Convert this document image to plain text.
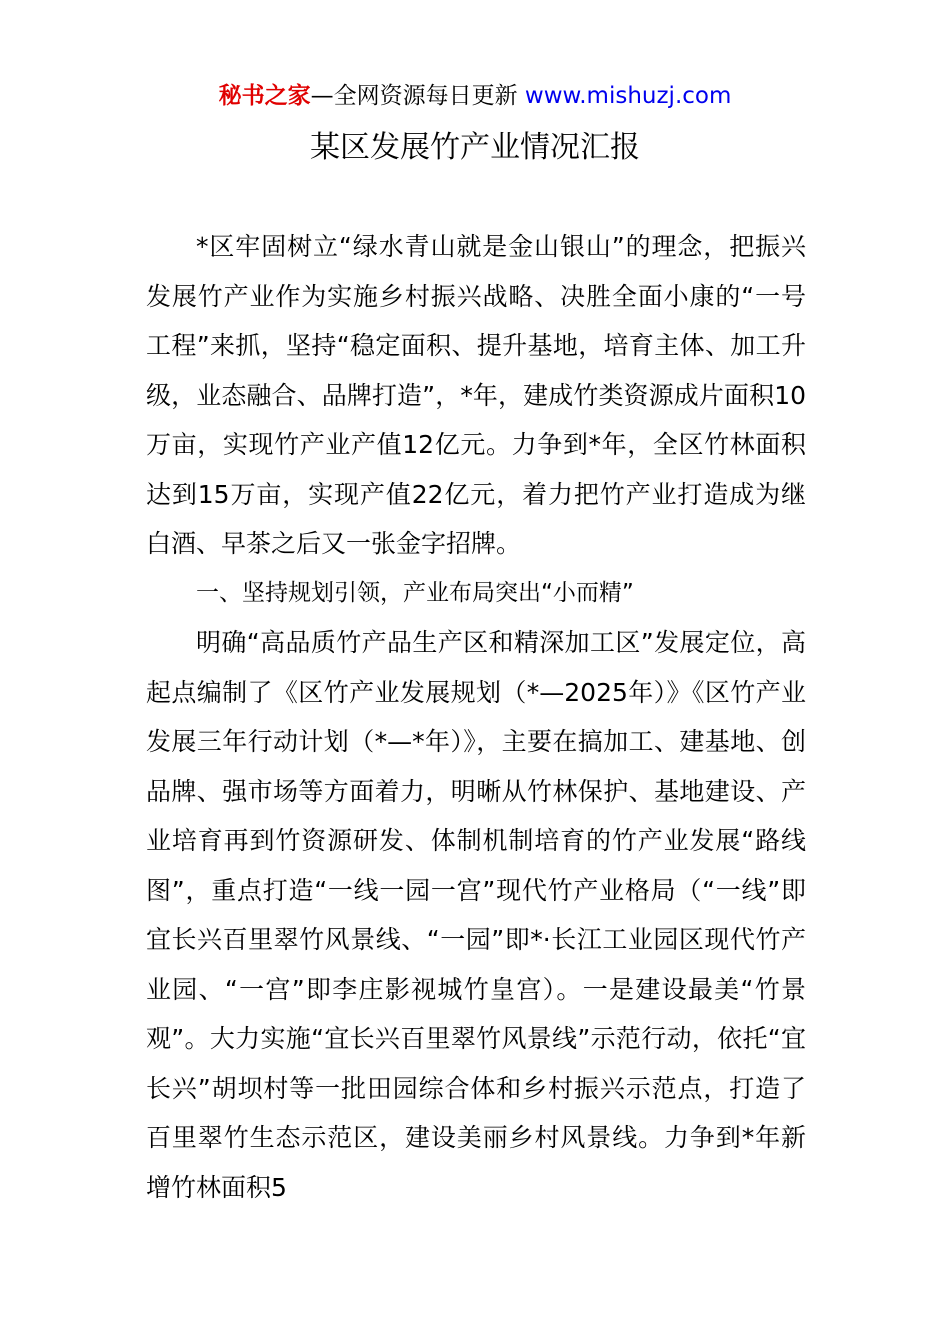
秘书之家—全网资源每日更新 www.mishuzj.com
某区发展竹产业情况汇报

*区牢固树立“绿水青山就是金山银山”的理念，把振兴发展竹产业作为实施乡村振兴战略、决胜全面小康的“一号工程”来抓，坚持“稳定面积、提升基地，培育主体、加工升级，业态融合、品牌打造”，*年，建成竹类资源成片面积10万亩，实现竹产业产值12亿元。力争到*年，全区竹林面积达到15万亩，实现产值22亿元，着力把竹产业打造成为继白酒、早茶之后又一张金字招牌。

一、坚持规划引领，产业布局突出“小而精”

明确“高品质竹产品生产区和精深加工区”发展定位，高起点编制了《区竹产业发展规划（*—2025年）》《区竹产业发展三年行动计划（*—*年）》，主要在搞加工、建基地、创品牌、强市场等方面着力，明晰从竹林保护、基地建设、产业培育再到竹资源研发、体制机制培育的竹产业发展“路线图”，重点打造“一线一园一宫”现代竹产业格局（“一线”即宜长兴百里翠竹风景线、“一园”即*·长江工业园区现代竹产业园、“一宫”即李庄影视城竹皇宫）。一是建设最美“竹景观”。大力实施“宜长兴百里翠竹风景线”示范行动，依托“宜长兴”胡坝村等一批田园综合体和乡村振兴示范点，打造了百里翠竹生态示范区，建设美丽乡村风景线。力争到*年新增竹林面积5
